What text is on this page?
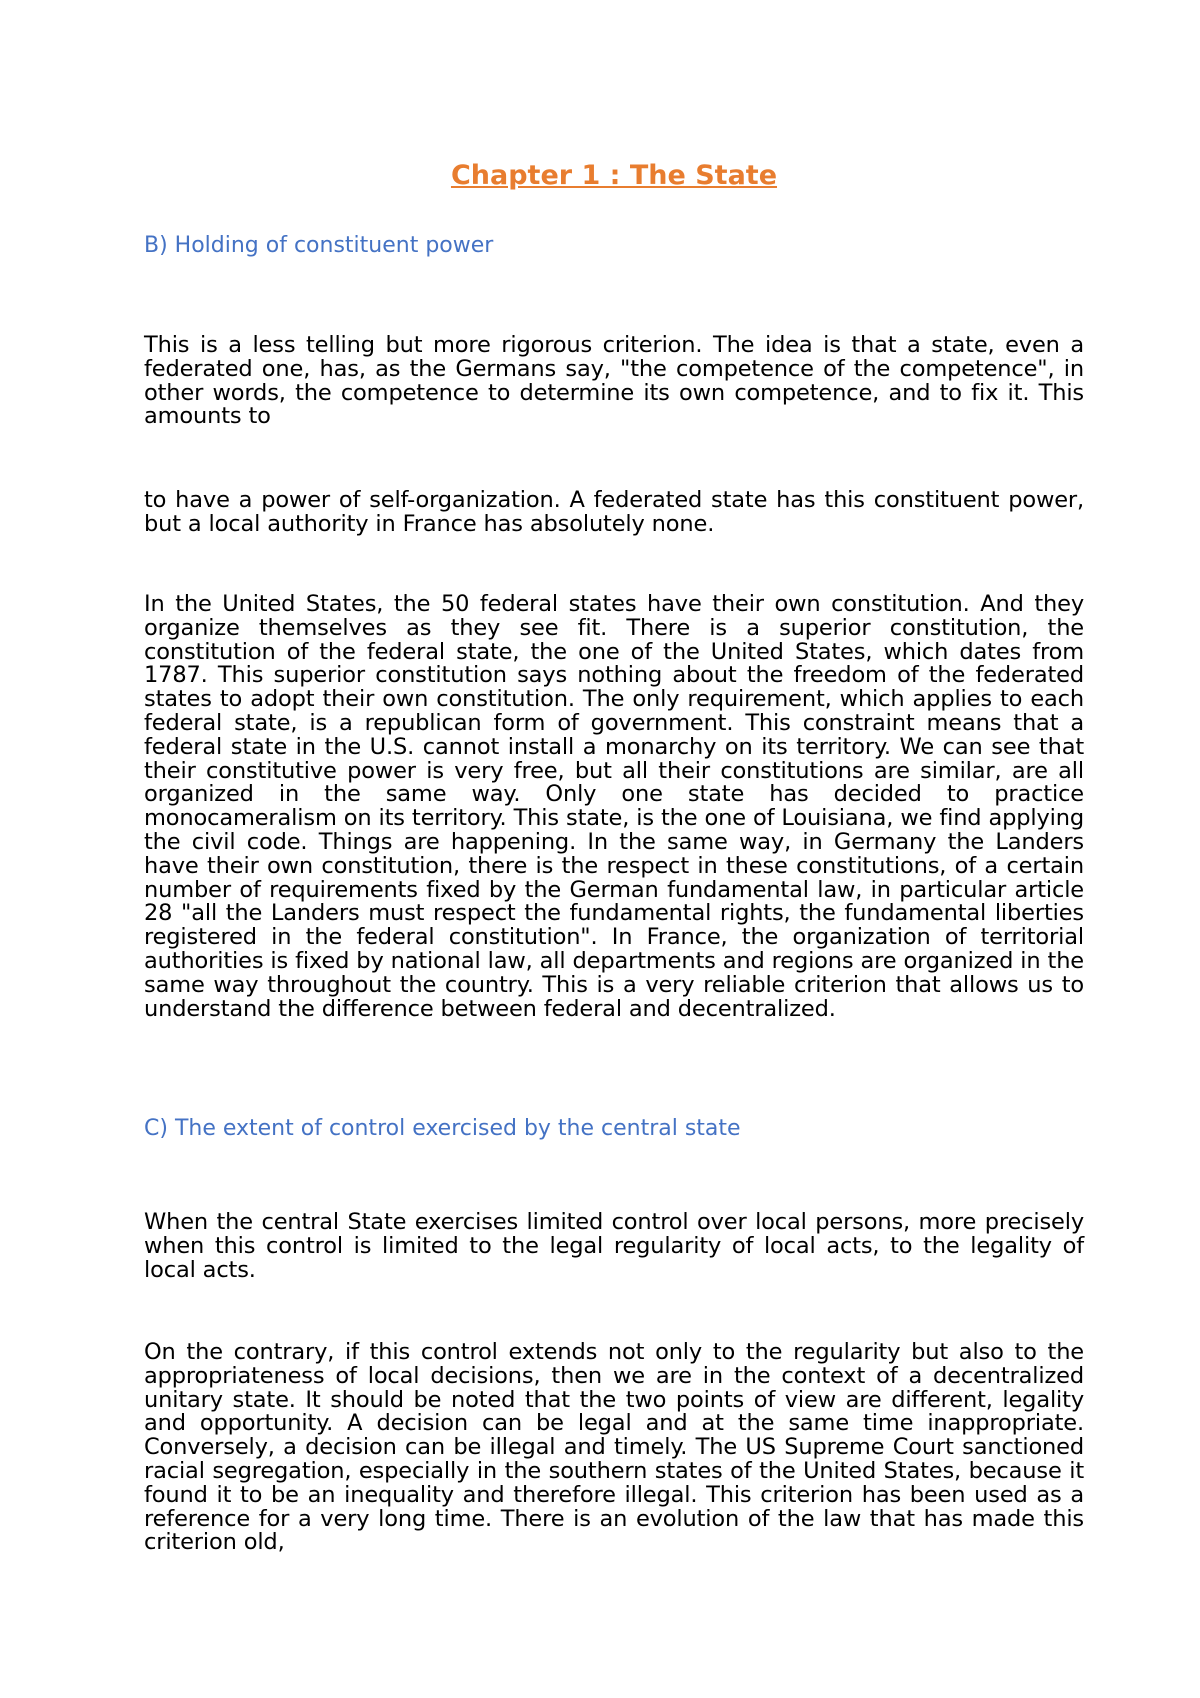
Chapter 1 : The State
B) Holding of constituent power

This is a less telling but more rigorous criterion. The idea is that a state, even a federated one, has, as the Germans say, "the competence of the competence", in other words, the competence to determine its own competence, and to fix it. This amounts to

to have a power of self-organization. A federated state has this constituent power, but a local authority in France has absolutely none.

In the United States, the 50 federal states have their own constitution. And they organize themselves as they see fit. There is a superior constitution, the constitution of the federal state, the one of the United States, which dates from 1787. This superior constitution says nothing about the freedom of the federated states to adopt their own constitution. The only requirement, which applies to each federal state, is a republican form of government. This constraint means that a federal state in the U.S. cannot install a monarchy on its territory. We can see that their constitutive power is very free, but all their constitutions are similar, are all organized in the same way. Only one state has decided to practice monocameralism on its territory. This state, is the one of Louisiana, we find applying the civil code. Things are happening. In the same way, in Germany the Landers have their own constitution, there is the respect in these constitutions, of a certain number of requirements fixed by the German fundamental law, in particular article 28 "all the Landers must respect the fundamental rights, the fundamental liberties registered in the federal constitution". In France, the organization of territorial authorities is fixed by national law, all departments and regions are organized in the same way throughout the country. This is a very reliable criterion that allows us to understand the difference between federal and decentralized.

C) The extent of control exercised by the central state

When the central State exercises limited control over local persons, more precisely when this control is limited to the legal regularity of local acts, to the legality of local acts.

On the contrary, if this control extends not only to the regularity but also to the appropriateness of local decisions, then we are in the context of a decentralized unitary state. It should be noted that the two points of view are different, legality and opportunity. A decision can be legal and at the same time inappropriate. Conversely, a decision can be illegal and timely. The US Supreme Court sanctioned racial segregation, especially in the southern states of the United States, because it found it to be an inequality and therefore illegal. This criterion has been used as a reference for a very long time. There is an evolution of the law that has made this criterion old,
